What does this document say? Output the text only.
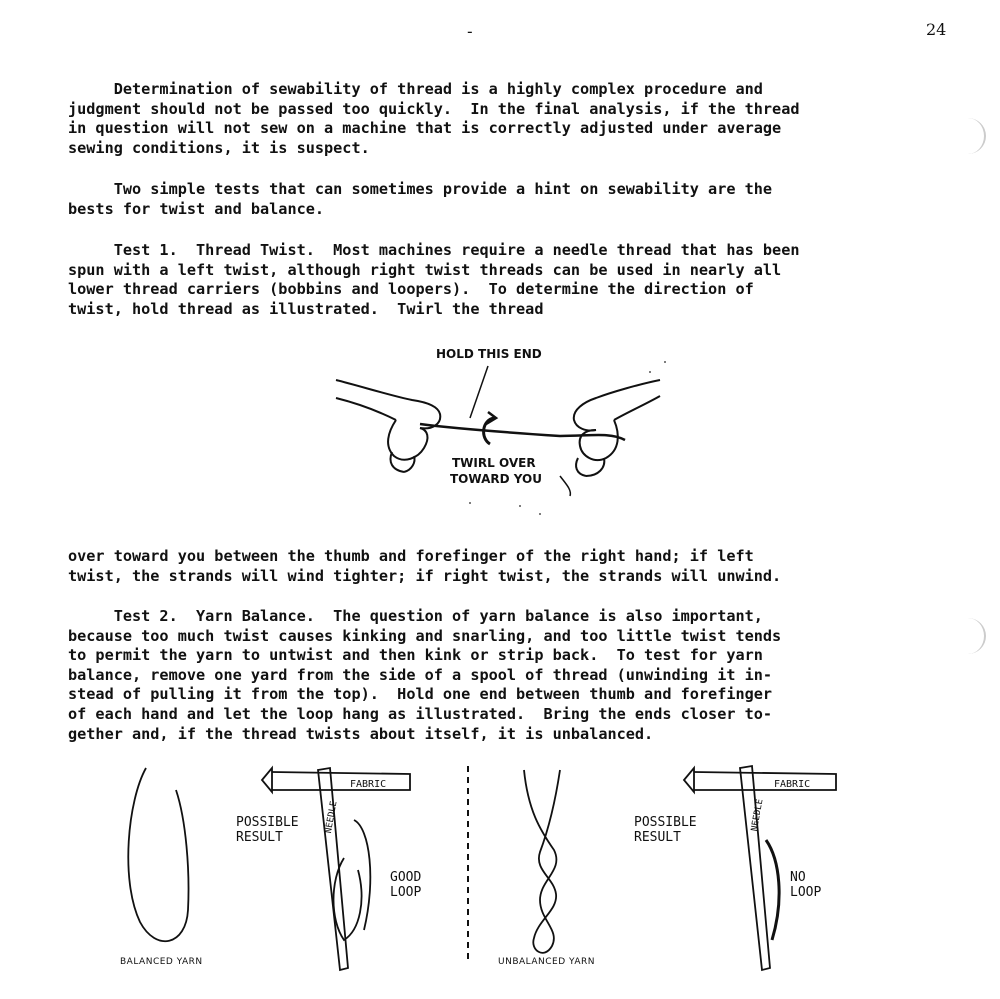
-	24

Determination of sewability of thread is a highly complex procedure and
judgment should not be passed too quickly.  In the final analysis, if the thread
in question will not sew on a machine that is correctly adjusted under average
sewing conditions, it is suspect.

Two simple tests that can sometimes provide a hint on sewability are the
bests for twist and balance.

Test 1.  Thread Twist.  Most machines require a needle thread that has been
spun with a left twist, although right twist threads can be used in nearly all
lower thread carriers (bobbins and loopers).  To determine the direction of
twist, hold thread as illustrated.  Twirl the thread

HOLD THIS END
TWIRL OVER
TOWARD YOU

over toward you between the thumb and forefinger of the right hand; if left
twist, the strands will wind tighter; if right twist, the strands will unwind.

Test 2.  Yarn Balance.  The question of yarn balance is also important,
because too much twist causes kinking and snarling, and too little twist tends
to permit the yarn to untwist and then kink or strip back.  To test for yarn
balance, remove one yard from the side of a spool of thread (unwinding it in-
stead of pulling it from the top).  Hold one end between thumb and forefinger
of each hand and let the loop hang as illustrated.  Bring the ends closer to-
gether and, if the thread twists about itself, it is unbalanced.

BALANCED YARN	UNBALANCED YARN
FABRIC	FABRIC
NEEDLE	NEEDLE
POSSIBLE
RESULT
POSSIBLE
RESULT
GOOD
LOOP
NO
LOOP
